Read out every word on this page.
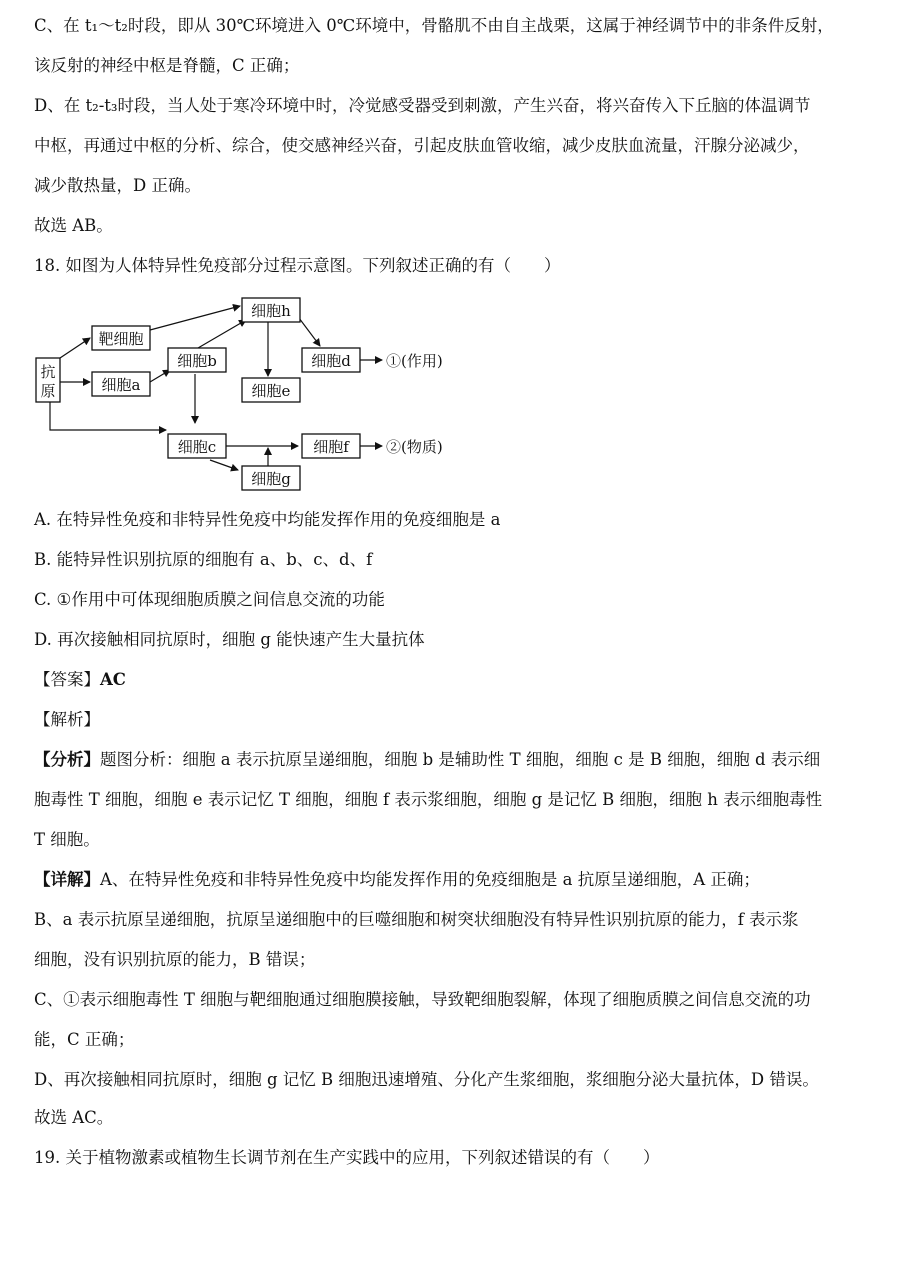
C、在 t₁～t₂时段，即从 30℃环境进入 0℃环境中，骨骼肌不由自主战栗，这属于神经调节中的非条件反射，
该反射的神经中枢是脊髓，C 正确；
D、在 t₂-t₃时段，当人处于寒冷环境中时，冷觉感受器受到刺激，产生兴奋，将兴奋传入下丘脑的体温调节
中枢，再通过中枢的分析、综合，使交感神经兴奋，引起皮肤血管收缩，减少皮肤血流量，汗腺分泌减少，
减少散热量，D 正确。
故选 AB。
18. 如图为人体特异性免疫部分过程示意图。下列叙述正确的有（　　）
抗
原
靶细胞
细胞a
细胞b
细胞h
细胞d
细胞e
细胞c	细胞f
细胞g
①(作用)
②(物质)
A. 在特异性免疫和非特异性免疫中均能发挥作用的免疫细胞是 a
B. 能特异性识别抗原的细胞有 a、b、c、d、f
C. ①作用中可体现细胞质膜之间信息交流的功能
D. 再次接触相同抗原时，细胞 g 能快速产生大量抗体
【答案】AC
【解析】
【分析】题图分析：细胞 a 表示抗原呈递细胞，细胞 b 是辅助性 T 细胞，细胞 c 是 B 细胞，细胞 d 表示细
胞毒性 T 细胞，细胞 e 表示记忆 T 细胞，细胞 f 表示浆细胞，细胞 g 是记忆 B 细胞，细胞 h 表示细胞毒性
T 细胞。
【详解】A、在特异性免疫和非特异性免疫中均能发挥作用的免疫细胞是 a 抗原呈递细胞，A 正确；
B、a 表示抗原呈递细胞，抗原呈递细胞中的巨噬细胞和树突状细胞没有特异性识别抗原的能力，f 表示浆
细胞，没有识别抗原的能力，B 错误；
C、①表示细胞毒性 T 细胞与靶细胞通过细胞膜接触，导致靶细胞裂解，体现了细胞质膜之间信息交流的功
能，C 正确；
D、再次接触相同抗原时，细胞 g 记忆 B 细胞迅速增殖、分化产生浆细胞，浆细胞分泌大量抗体，D 错误。
故选 AC。
19. 关于植物激素或植物生长调节剂在生产实践中的应用，下列叙述错误的有（　　）
